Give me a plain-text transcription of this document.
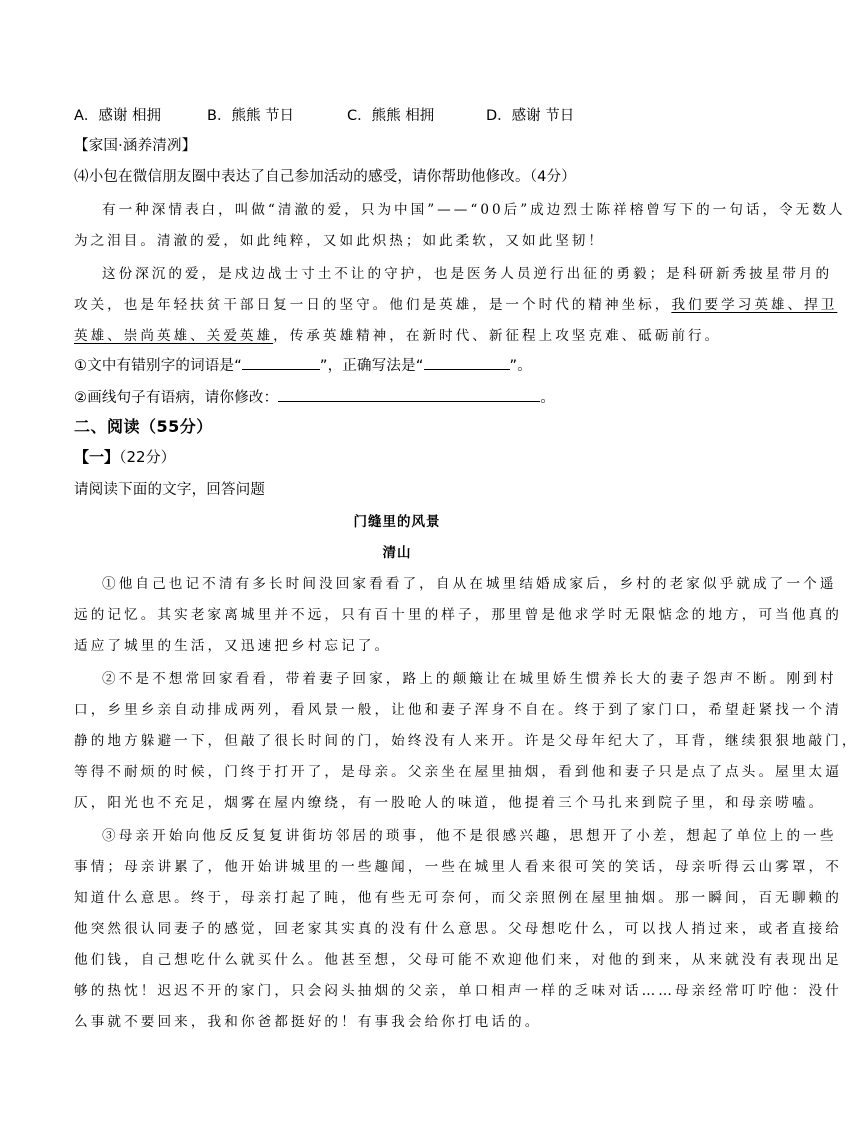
A．感谢 相拥	B．熊熊 节日	C．熊熊 相拥	D．感谢 节日
【家国·涵养清冽】
⑷小包在微信朋友圈中表达了自己参加活动的感受，请你帮助他修改。（4分）
有一种深情表白，叫做“清澈的爱，只为中国”——“00后”成边烈士陈祥榕曾写下的一句话，令无数人
为之泪目。清澈的爱，如此纯粹，又如此炽热；如此柔软，又如此坚韧！
这份深沉的爱，是戍边战士寸土不让的守护，也是医务人员逆行出征的勇毅；是科研新秀披星带月的
攻关，也是年轻扶贫干部日复一日的坚守。他们是英雄，是一个时代的精神坐标，我们要学习英雄、捍卫
英雄、崇尚英雄、关爱英雄，传承英雄精神，在新时代、新征程上攻坚克难、砥砺前行。
①文中有错别字的词语是“	”，正确写法是“	”。
②画线句子有语病，请你修改：	。
二、阅读（55分）
【一】（22分）
请阅读下面的文字，回答问题
门缝里的风景
清山
①他自己也记不清有多长时间没回家看看了，自从在城里结婚成家后，乡村的老家似乎就成了一个遥
远的记忆。其实老家离城里并不远，只有百十里的样子，那里曾是他求学时无限惦念的地方，可当他真的
适应了城里的生活，又迅速把乡村忘记了。
②不是不想常回家看看，带着妻子回家，路上的颠簸让在城里娇生惯养长大的妻子怨声不断。刚到村
口，乡里乡亲自动排成两列，看风景一般，让他和妻子浑身不自在。终于到了家门口，希望赶紧找一个清
静的地方躲避一下，但敲了很长时间的门，始终没有人来开。许是父母年纪大了，耳背，继续狠狠地敲门，
等得不耐烦的时候，门终于打开了，是母亲。父亲坐在屋里抽烟，看到他和妻子只是点了点头。屋里太逼
仄，阳光也不充足，烟雾在屋内缭绕，有一股呛人的味道，他提着三个马扎来到院子里，和母亲唠嗑。
③母亲开始向他反反复复讲街坊邻居的琐事，他不是很感兴趣，思想开了小差，想起了单位上的一些
事情；母亲讲累了，他开始讲城里的一些趣闻，一些在城里人看来很可笑的笑话，母亲听得云山雾罩，不
知道什么意思。终于，母亲打起了盹，他有些无可奈何，而父亲照例在屋里抽烟。那一瞬间，百无聊赖的
他突然很认同妻子的感觉，回老家其实真的没有什么意思。父母想吃什么，可以找人捎过来，或者直接给
他们钱，自己想吃什么就买什么。他甚至想，父母可能不欢迎他们来，对他的到来，从来就没有表现出足
够的热忱！迟迟不开的家门，只会闷头抽烟的父亲，单口相声一样的乏味对话……母亲经常叮咛他：没什
么事就不要回来，我和你爸都挺好的！有事我会给你打电话的。
